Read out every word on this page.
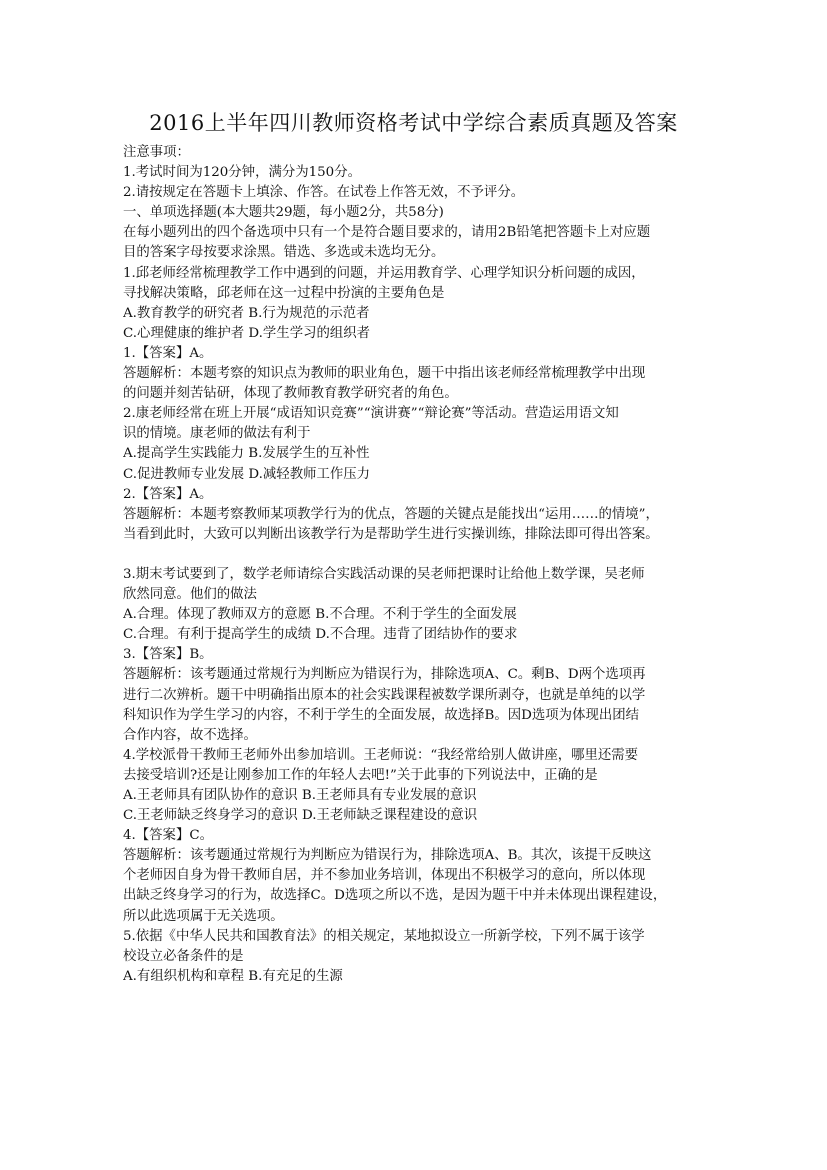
2016上半年四川教师资格考试中学综合素质真题及答案

注意事项：

1.考试时间为120分钟，满分为150分。

2.请按规定在答题卡上填涂、作答。在试卷上作答无效，不予评分。

一、单项选择题(本大题共29题，每小题2分，共58分)

在每小题列出的四个备选项中只有一个是符合题目要求的，请用2B铅笔把答题卡上对应题

目的答案字母按要求涂黑。错选、多选或未选均无分。

1.邱老师经常梳理教学工作中遇到的问题，并运用教育学、心理学知识分析问题的成因，

寻找解决策略，邱老师在这一过程中扮演的主要角色是

A.教育教学的研究者 B.行为规范的示范者

C.心理健康的维护者 D.学生学习的组织者

1.【答案】A。

答题解析：本题考察的知识点为教师的职业角色，题干中指出该老师经常梳理教学中出现

的问题并刻苦钻研，体现了教师教育教学研究者的角色。

2.康老师经常在班上开展“成语知识竞赛”“演讲赛”“辩论赛”等活动。营造运用语文知

识的情境。康老师的做法有利于

A.提高学生实践能力 B.发展学生的互补性

C.促进教师专业发展 D.减轻教师工作压力

2.【答案】A。

答题解析：本题考察教师某项教学行为的优点，答题的关键点是能找出“运用……的情境”，

当看到此时，大致可以判断出该教学行为是帮助学生进行实操训练，排除法即可得出答案。

3.期末考试要到了，数学老师请综合实践活动课的吴老师把课时让给他上数学课，吴老师

欣然同意。他们的做法

A.合理。体现了教师双方的意愿 B.不合理。不利于学生的全面发展

C.合理。有利于提高学生的成绩 D.不合理。违背了团结协作的要求

3.【答案】B。

答题解析：该考题通过常规行为判断应为错误行为，排除选项A、C。剩B、D两个选项再

进行二次辨析。题干中明确指出原本的社会实践课程被数学课所剥夺，也就是单纯的以学

科知识作为学生学习的内容，不利于学生的全面发展，故选择B。因D选项为体现出团结

合作内容，故不选择。

4.学校派骨干教师王老师外出参加培训。王老师说：“我经常给别人做讲座，哪里还需要

去接受培训?还是让刚参加工作的年轻人去吧!”关于此事的下列说法中，正确的是

A.王老师具有团队协作的意识 B.王老师具有专业发展的意识

C.王老师缺乏终身学习的意识 D.王老师缺乏课程建设的意识

4.【答案】C。

答题解析：该考题通过常规行为判断应为错误行为，排除选项A、B。其次，该提干反映这

个老师因自身为骨干教师自居，并不参加业务培训，体现出不积极学习的意向，所以体现

出缺乏终身学习的行为，故选择C。D选项之所以不选，是因为题干中并未体现出课程建设，

所以此选项属于无关选项。

5.依据《中华人民共和国教育法》的相关规定，某地拟设立一所新学校，下列不属于该学

校设立必备条件的是

A.有组织机构和章程 B.有充足的生源
